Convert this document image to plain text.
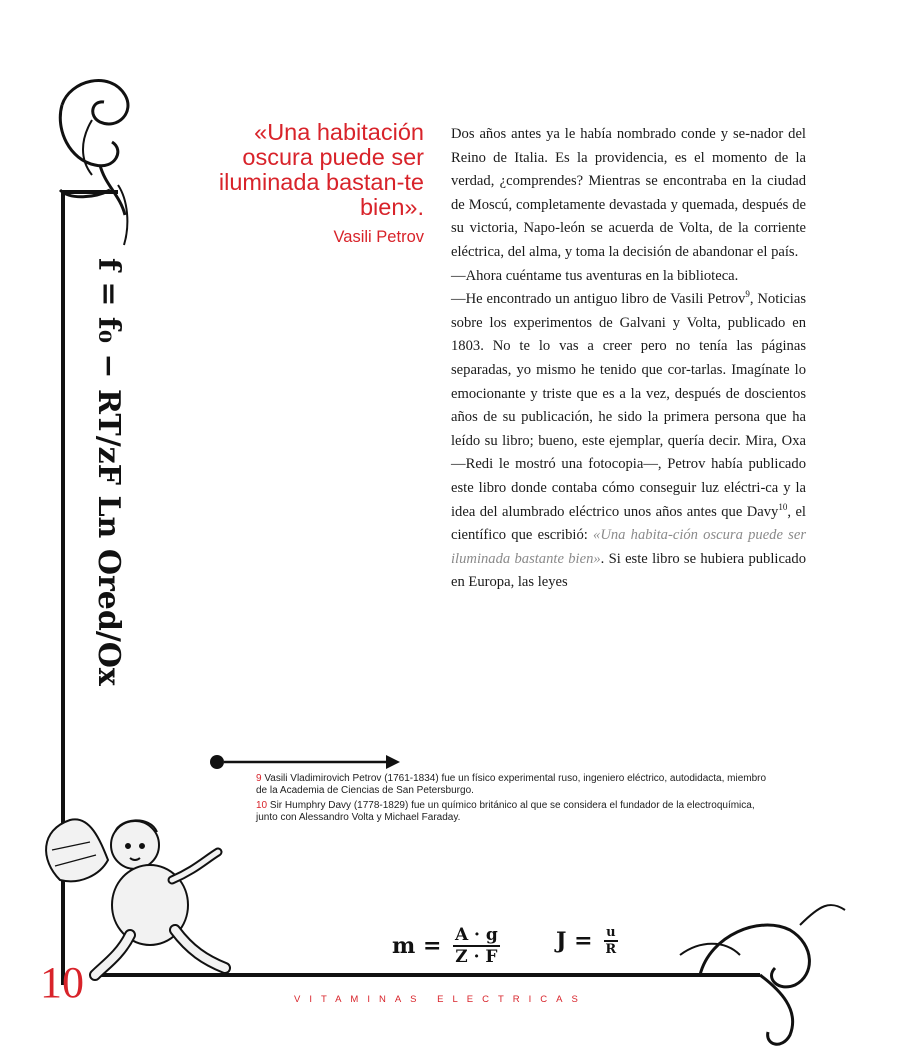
f = f₀ − RT/zF Ln Ored/Ox

«Una habitación oscura puede ser iluminada bastan-te bien».

Vasili Petrov

Dos años antes ya le había nombrado conde y se-nador del Reino de Italia. Es la providencia, es el momento de la verdad, ¿comprendes? Mientras se encontraba en la ciudad de Moscú, completamente devastada y quemada, después de su victoria, Napo-león se acuerda de Volta, de la corriente eléctrica, del alma, y toma la decisión de abandonar el país.

—Ahora cuéntame tus aventuras en la biblioteca.

—He encontrado un antiguo libro de Vasili Petrov$^9$, Noticias sobre los experimentos de Galvani y Volta, publicado en 1803. No te lo vas a creer pero no tenía las páginas separadas, yo mismo he tenido que cor-tarlas. Imagínate lo emocionante y triste que es a la vez, después de doscientos años de su publicación, he sido la primera persona que ha leído su libro; bueno, este ejemplar, quería decir. Mira, Oxa —Redi le mostró una fotocopia—, Petrov había publicado este libro donde contaba cómo conseguir luz eléctri-ca y la idea del alumbrado eléctrico unos años antes que Davy$^{10}$, el científico que escribió: «Una habita-ción oscura puede ser iluminada bastante bien». Si este libro se hubiera publicado en Europa, las leyes

9 Vasili Vladimirovich Petrov (1761-1834) fue un físico experimental ruso, ingeniero eléctrico, autodidacta, miembro de la Academia de Ciencias de San Petersburgo.

10 Sir Humphry Davy (1778-1829) fue un químico británico al que se considera el fundador de la electroquímica, junto con Alessandro Volta y Michael Faraday.

$m = \frac{A \cdot g}{Z \cdot F}$	$J = \frac{u}{R}$
10	VITAMINAS ELECTRICAS
